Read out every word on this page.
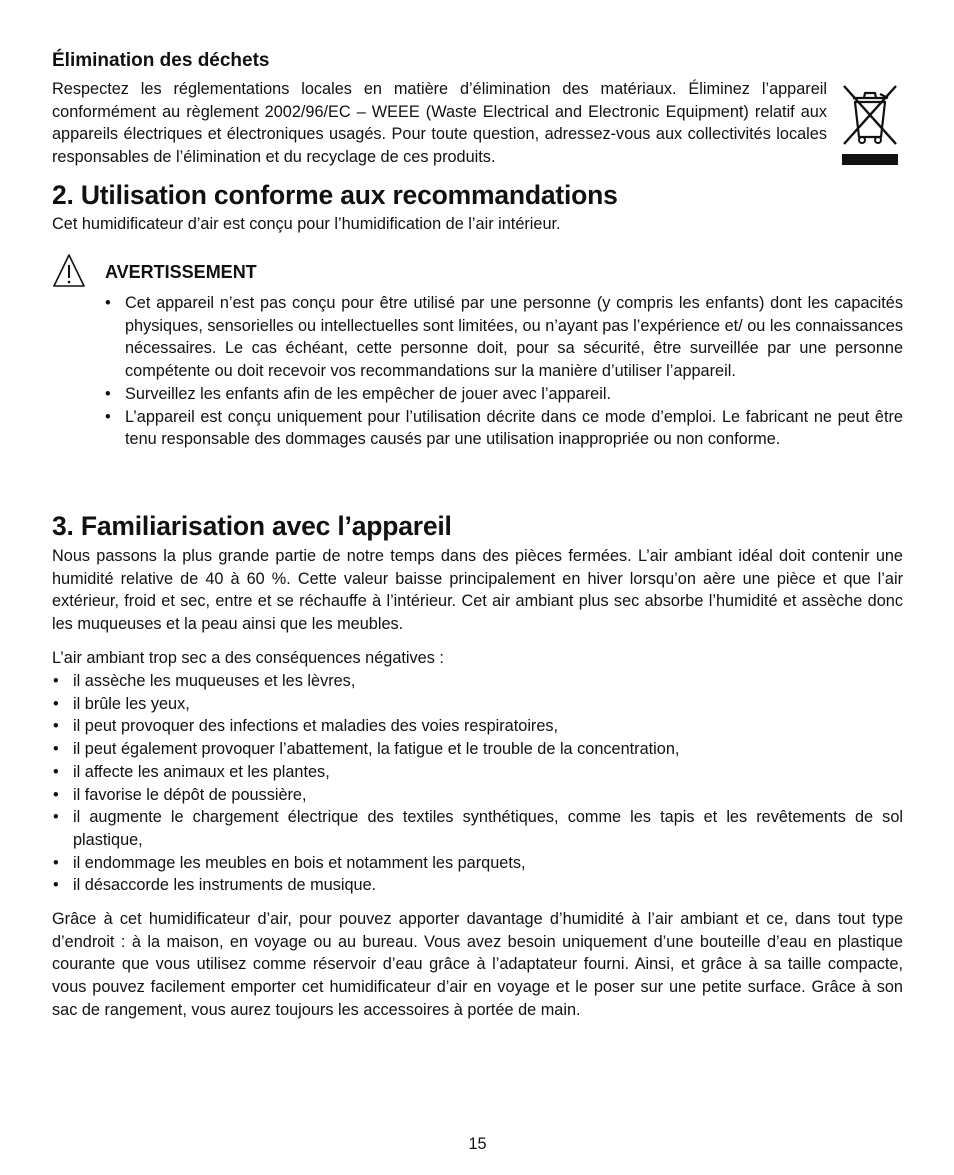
Élimination des déchets

Respectez les réglementations locales en matière d’élimination des matériaux. Éliminez l’appareil conformément au règlement 2002/96/EC – WEEE (Waste Electrical and Electronic Equipment) relatif aux appareils électriques et électroniques usagés. Pour toute question, adressez-vous aux collectivités locales responsables de l’élimination et du recyclage de ces produits.

2. Utilisation conforme aux recommandations

Cet humidificateur d’air est conçu pour l’humidification de l’air intérieur.

AVERTISSEMENT
• Cet appareil n’est pas conçu pour être utilisé par une personne (y compris les enfants) dont les capacités physiques, sensorielles ou intellectuelles sont limitées, ou n’ayant pas l’expérience et/ ou les connaissances nécessaires. Le cas échéant, cette personne doit, pour sa sécurité, être surveillée par une personne compétente ou doit recevoir vos recommandations sur la manière d’utiliser l’appareil.
• Surveillez les enfants afin de les empêcher de jouer avec l’appareil.
• L’appareil est conçu uniquement pour l’utilisation décrite dans ce mode d’emploi. Le fabricant ne peut être tenu responsable des dommages causés par une utilisation inappropriée ou non conforme.
3. Familiarisation avec l’appareil

Nous passons la plus grande partie de notre temps dans des pièces fermées. L’air ambiant idéal doit contenir une humidité relative de 40 à 60 %. Cette valeur baisse principalement en hiver lorsqu’on aère une pièce et que l’air extérieur, froid et sec, entre et se réchauffe à l’intérieur. Cet air ambiant plus sec absorbe l’humidité et assèche donc les muqueuses et la peau ainsi que les meubles.

L’air ambiant trop sec a des conséquences négatives :

• il assèche les muqueuses et les lèvres,
• il brûle les yeux,
• il peut provoquer des infections et maladies des voies respiratoires,
• il peut également provoquer l’abattement, la fatigue et le trouble de la concentration,
• il affecte les animaux et les plantes,
• il favorise le dépôt de poussière,
• il augmente le chargement électrique des textiles synthétiques, comme les tapis et les revêtements de sol plastique,
• il endommage les meubles en bois et notamment les parquets,
• il désaccorde les instruments de musique.

Grâce à cet humidificateur d’air, pour pouvez apporter davantage d’humidité à l’air ambiant et ce, dans tout type d’endroit : à la maison, en voyage ou au bureau. Vous avez besoin uniquement d’une bouteille d’eau en plastique courante que vous utilisez comme réservoir d’eau grâce à l’adaptateur fourni. Ainsi, et grâce à sa taille compacte, vous pouvez facilement emporter cet humidificateur d’air en voyage et le poser sur une petite surface. Grâce à son sac de rangement, vous aurez toujours les accessoires à portée de main.

15
